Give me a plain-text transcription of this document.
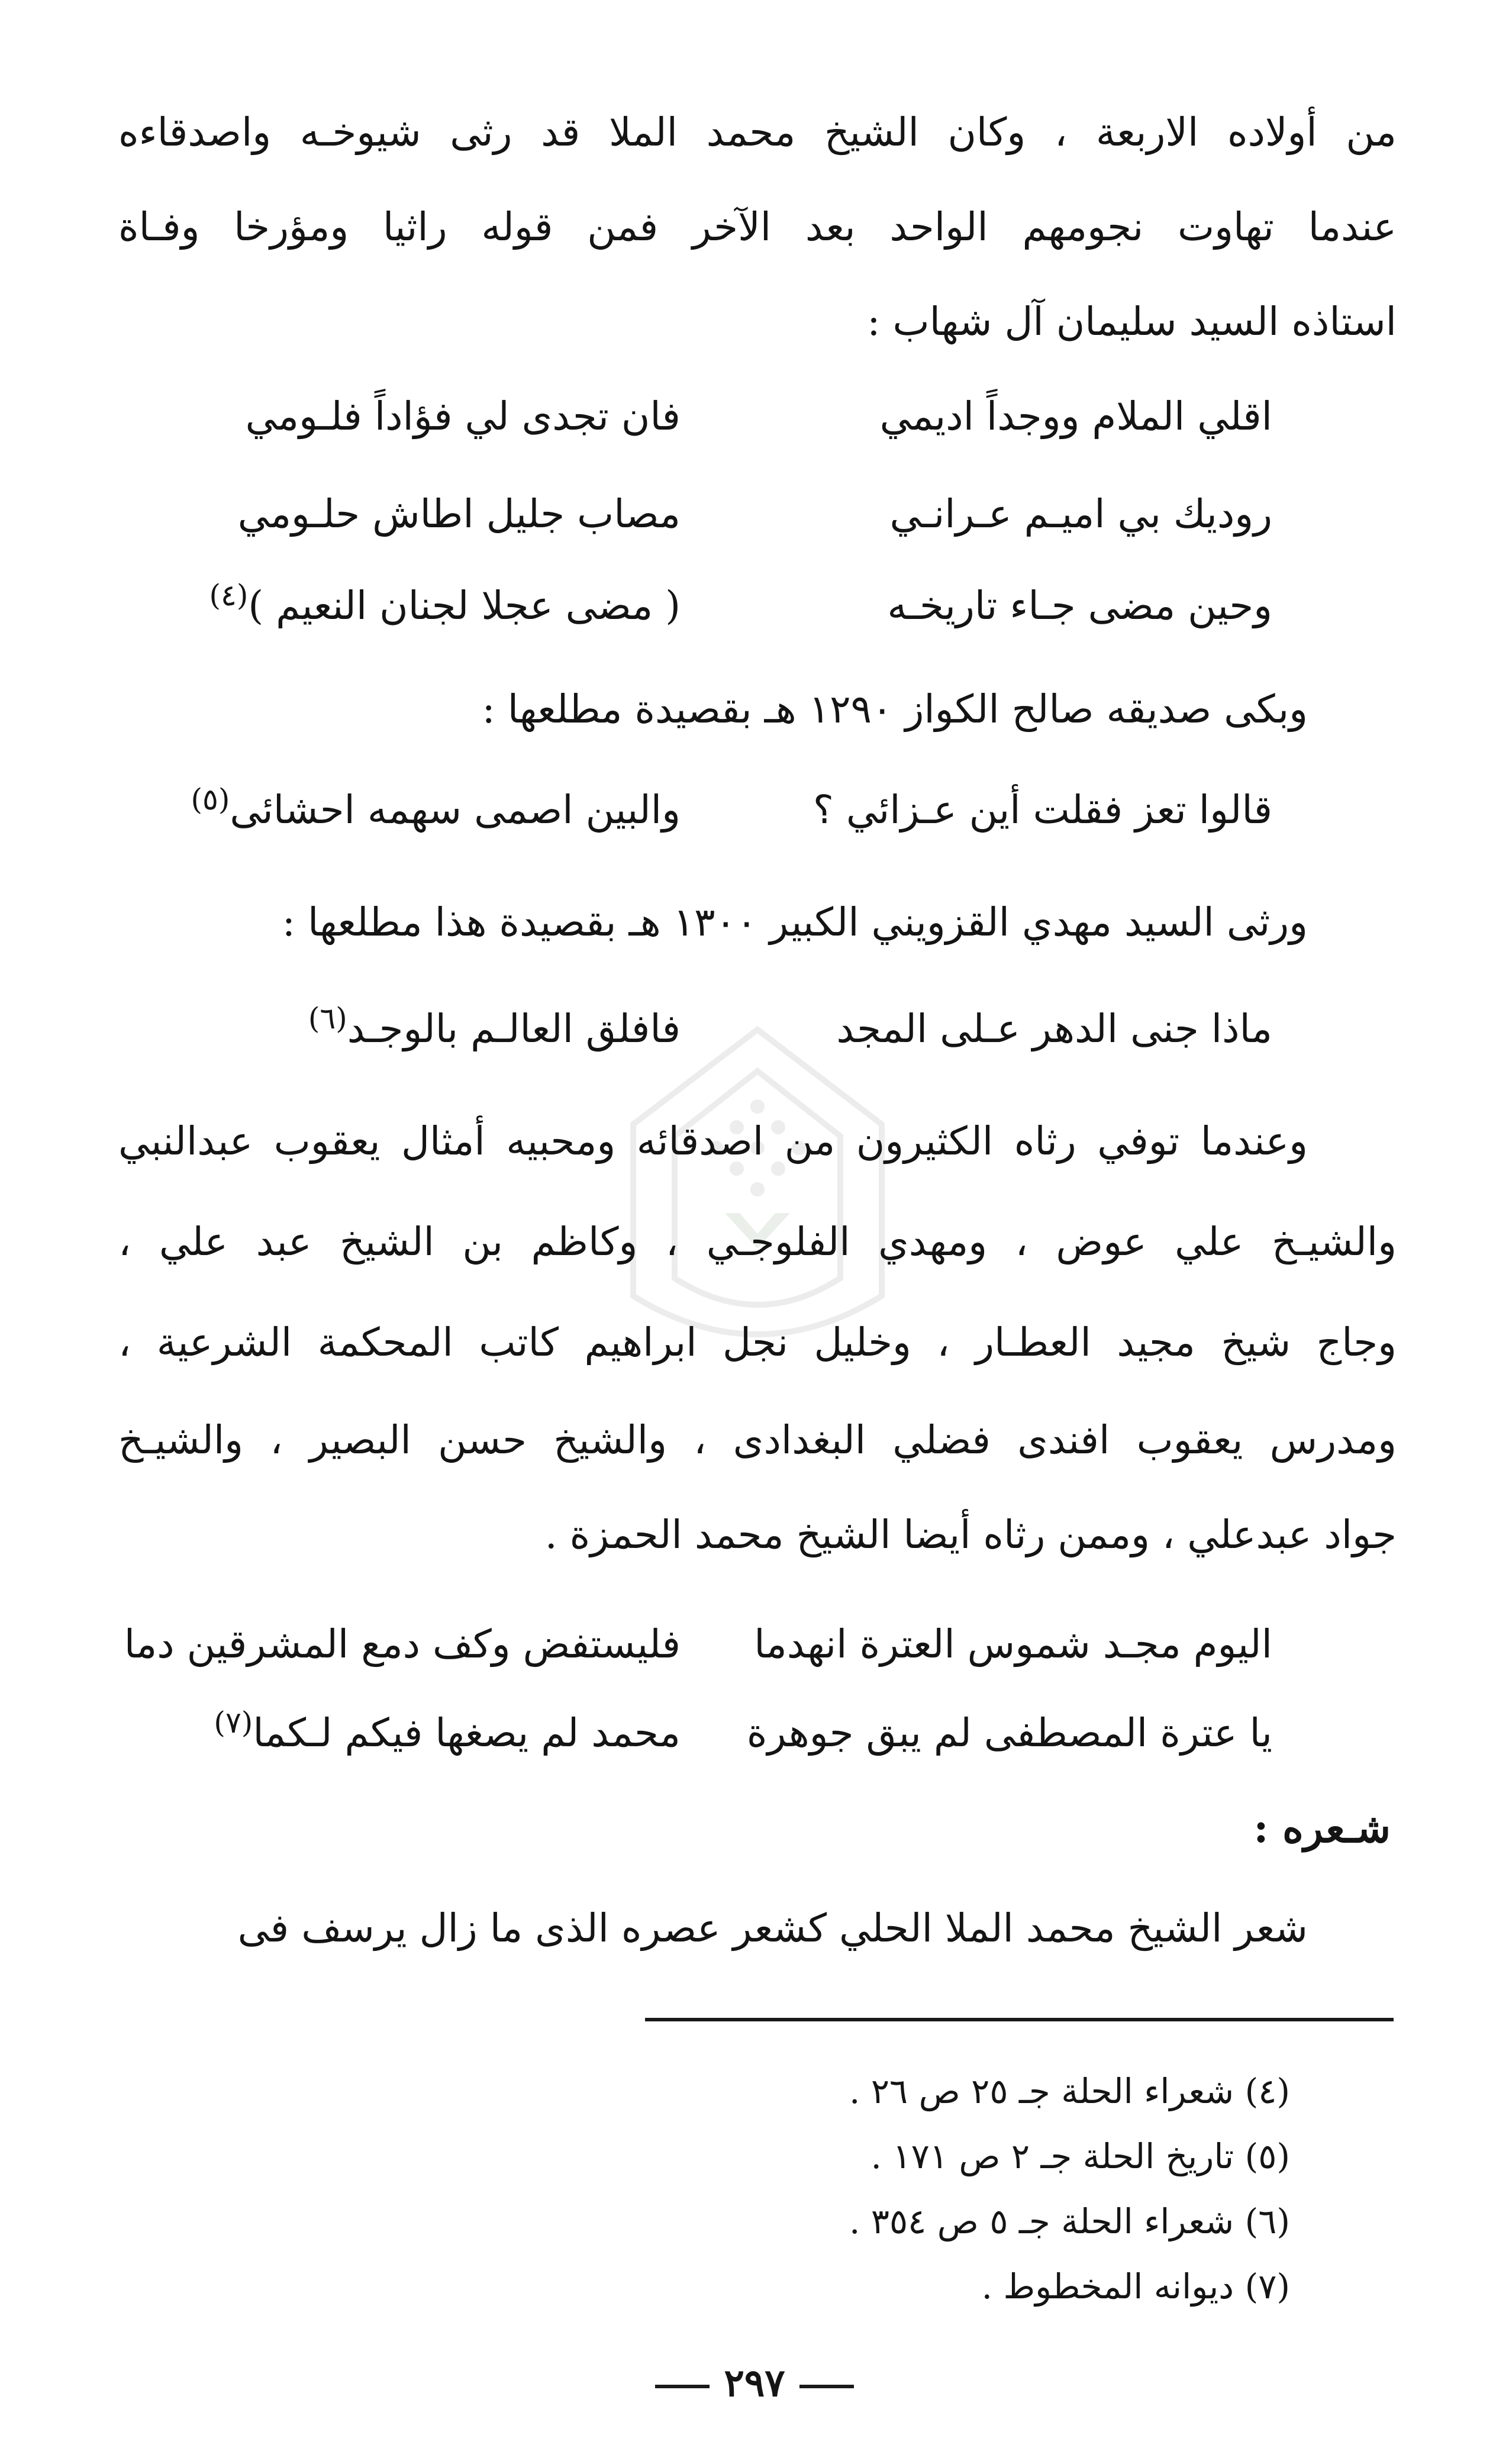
من أولاده الاربعة ، وكان الشيخ محمد الملا قد رثى شيوخـه واصدقاءه
عندما تهاوت نجومهم الواحد بعد الآخر فمن قوله راثيا ومؤرخا وفـاة
استاذه السيد سليمان آل شهاب :
اقلي الملام ووجداً اديمي
فان تجدى لي فؤاداً فلـومي
روديك بي اميـم عـرانـي
مصاب جليل اطاش حلـومي
وحين مضى جـاء تاريخـه
( مضى عجلا لجنان النعيم )$^{(٤)}$
وبكى صديقه صالح الكواز ١٢٩٠ هـ بقصيدة مطلعها :
قالوا تعز فقلت أين عـزائي ؟
والبين اصمى سهمه احشائى$^{(٥)}$
ورثى السيد مهدي القزويني الكبير ١٣٠٠ هـ بقصيدة هذا مطلعها :
ماذا جنى الدهر عـلى المجد
فافلق العالـم بالوجـد$^{(٦)}$
وعندما توفي رثاه الكثيرون من اصدقائه ومحبيه أمثال يعقوب عبدالنبي
والشيـخ علي عوض ، ومهدي الفلوجـي ، وكاظم بن الشيخ عبد علي ،
وجاج شيخ مجيد العطـار ، وخليل نجل ابراهيم كاتب المحكمة الشرعية ،
ومدرس يعقوب افندى فضلي البغدادى ، والشيخ حسن البصير ، والشيـخ
جواد عبدعلي ، وممن رثاه أيضا الشيخ محمد الحمزة .
اليوم مجـد شموس العترة انهدما
فليستفض وكف دمع المشرقين دما
يا عترة المصطفى لم يبق جوهرة
محمد لم يصغها فيكم لـكما$^{(٧)}$
شـعره :
شعر الشيخ محمد الملا الحلي كشعر عصره الذى ما زال يرسف فى
(٤) شعراء الحلة جـ ٢٥ ص ٢٦ .
(٥) تاريخ الحلة جـ ٢ ص ١٧١ .
(٦) شعراء الحلة جـ ٥ ص ٣٥٤ .
(٧) ديوانه المخطوط .
٢٩٧
